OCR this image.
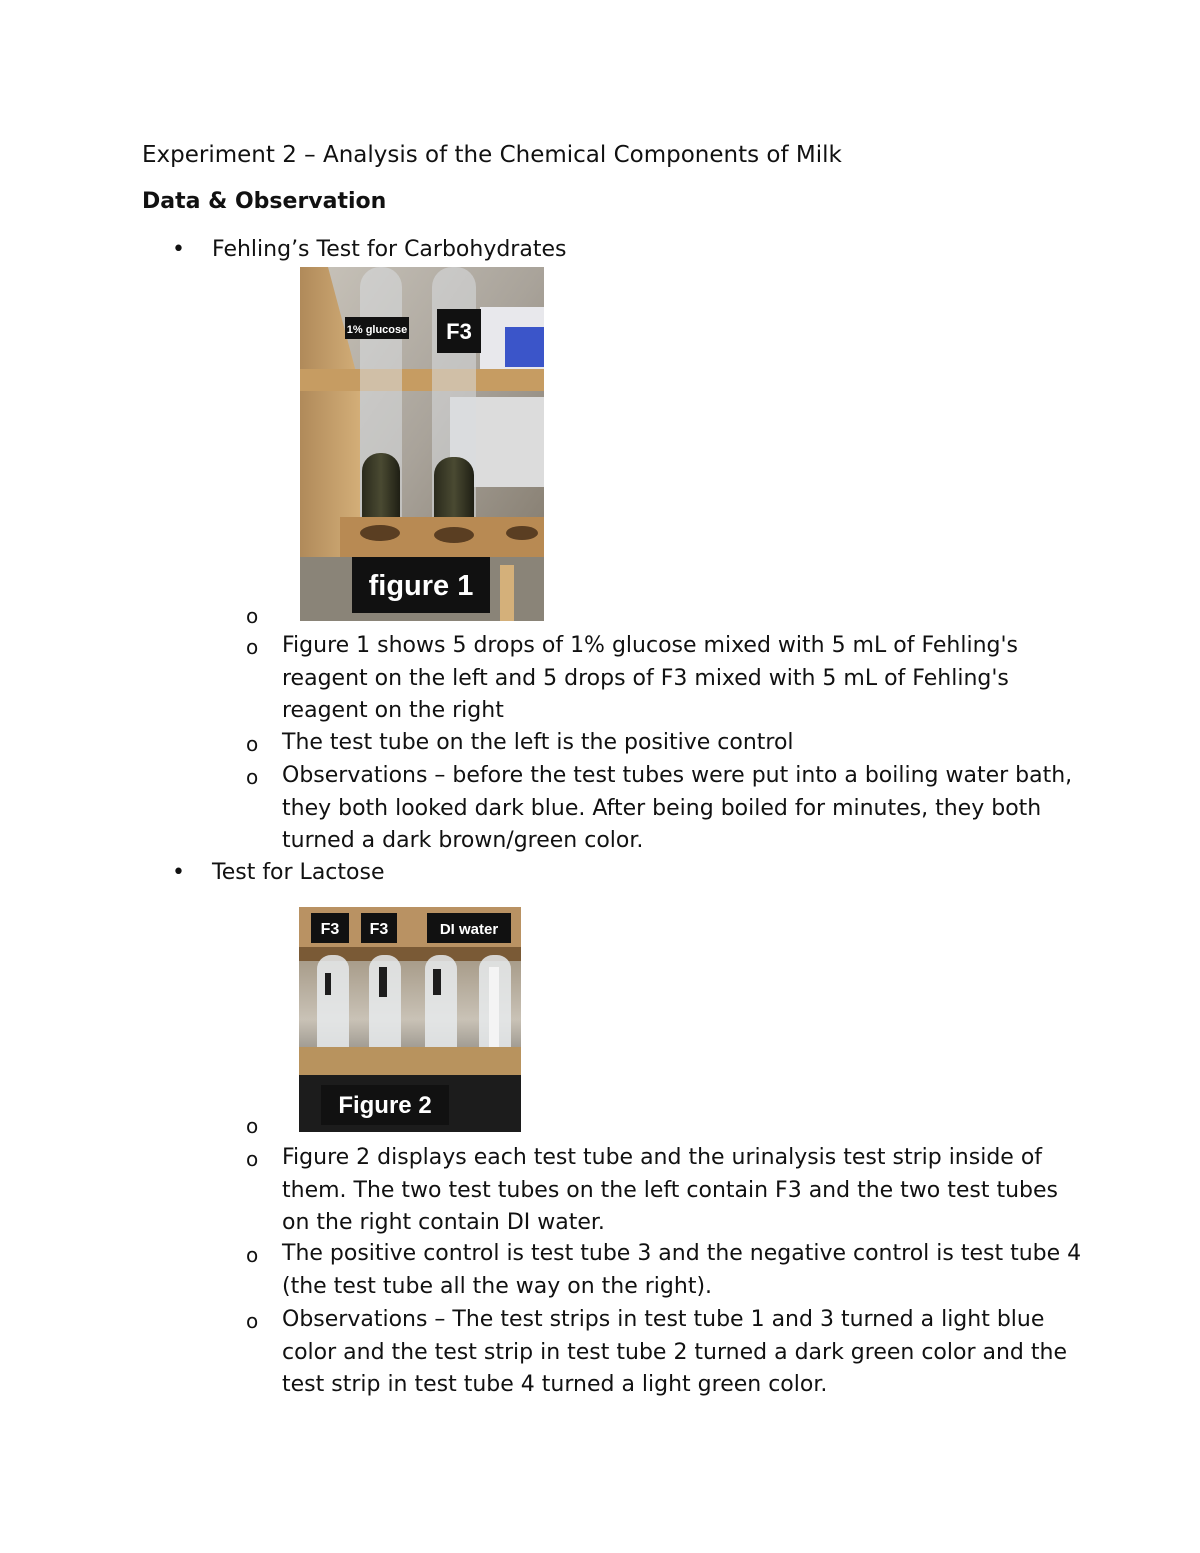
Experiment 2 – Analysis of the Chemical Components of Milk
Data & Observation
• Fehling’s Test for Carbohydrates
1% glucose F3
figure 1
o
o Figure 1 shows 5 drops of 1% glucose mixed with 5 mL of Fehling's reagent on the left and 5 drops of F3 mixed with 5 mL of Fehling's reagent on the right
o The test tube on the left is the positive control
o Observations – before the test tubes were put into a boiling water bath, they both looked dark blue. After being boiled for minutes, they both turned a dark brown/green color.
• Test for Lactose
F3 F3	DI water
Figure 2
o
o Figure 2 displays each test tube and the urinalysis test strip inside of them. The two test tubes on the left contain F3 and the two test tubes on the right contain DI water.
o The positive control is test tube 3 and the negative control is test tube 4 (the test tube all the way on the right).
o Observations – The test strips in test tube 1 and 3 turned a light blue color and the test strip in test tube 2 turned a dark green color and the test strip in test tube 4 turned a light green color.
